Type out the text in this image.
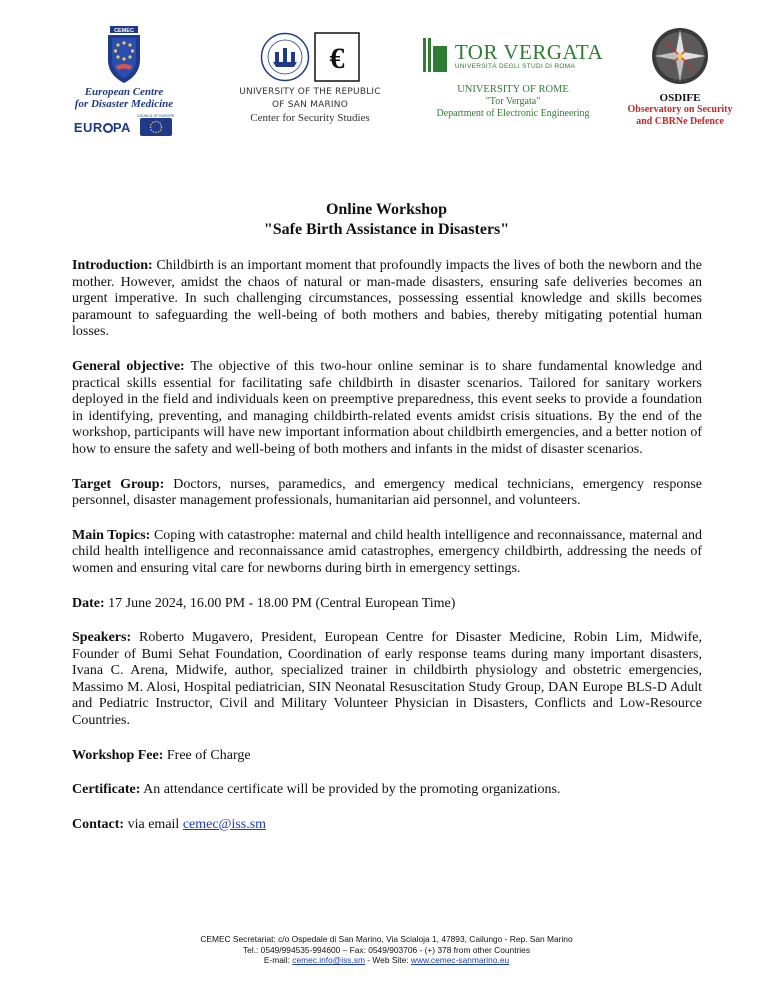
CEMEC
European Centre
for Disaster Medicine
EUR PA
COUNCIL OF EUROPE
€
UNIVERSITY OF THE REPUBLIC
OF SAN MARINO
Center for Security Studies
TOR VERGATA
UNIVERSITÀ DEGLI STUDI DI ROMA
UNIVERSITY OF ROME
"Tor Vergata"
Department of Electronic Engineering
OSDIFE
Observatory on Security
and CBRNe Defence
Online Workshop
"Safe Birth Assistance in Disasters"

Introduction: Childbirth is an important moment that profoundly impacts the lives of both the newborn and the mother. However, amidst the chaos of natural or man-made disasters, ensuring safe deliveries becomes an urgent imperative. In such challenging circumstances, possessing essential knowledge and skills becomes paramount to safeguarding the well-being of both mothers and babies, thereby mitigating potential human losses.

General objective: The objective of this two-hour online seminar is to share fundamental knowledge and practical skills essential for facilitating safe childbirth in disaster scenarios. Tailored for sanitary workers deployed in the field and individuals keen on preemptive preparedness, this event seeks to provide a foundation in identifying, preventing, and managing childbirth-related events amidst crisis situations. By the end of the workshop, participants will have new important information about childbirth emergencies, and a better notion of how to ensure the safety and well-being of both mothers and infants in the midst of disaster scenarios.

Target Group: Doctors, nurses, paramedics, and emergency medical technicians, emergency response personnel, disaster management professionals, humanitarian aid personnel, and volunteers.

Main Topics: Coping with catastrophe: maternal and child health intelligence and reconnaissance, maternal and child health intelligence and reconnaissance amid catastrophes, emergency childbirth, addressing the needs of women and ensuring vital care for newborns during birth in emergency settings.

Date: 17 June 2024, 16.00 PM - 18.00 PM (Central European Time)

Speakers: Roberto Mugavero, President, European Centre for Disaster Medicine, Robin Lim, Midwife, Founder of Bumi Sehat Foundation, Coordination of early response teams during many important disasters, Ivana C. Arena, Midwife, author, specialized trainer in childbirth physiology and obstetric emergencies, Massimo M. Alosi, Hospital pediatrician, SIN Neonatal Resuscitation Study Group, DAN Europe BLS-D Adult and Pediatric Instructor, Civil and Military Volunteer Physician in Disasters, Conflicts and Low-Resource Countries.

Workshop Fee: Free of Charge

Certificate: An attendance certificate will be provided by the promoting organizations.

Contact: via email cemec@iss.sm

CEMEC Secretariat: c/o Ospedale di San Marino, Via Scialoja 1, 47893, Cailungo - Rep. San Marino
Tel.: 0549/994535-994600 – Fax: 0549/903706 - (+) 378 from other Countries
E-mail: cemec.info@iss.sm - Web Site: www.cemec-sanmarino.eu
